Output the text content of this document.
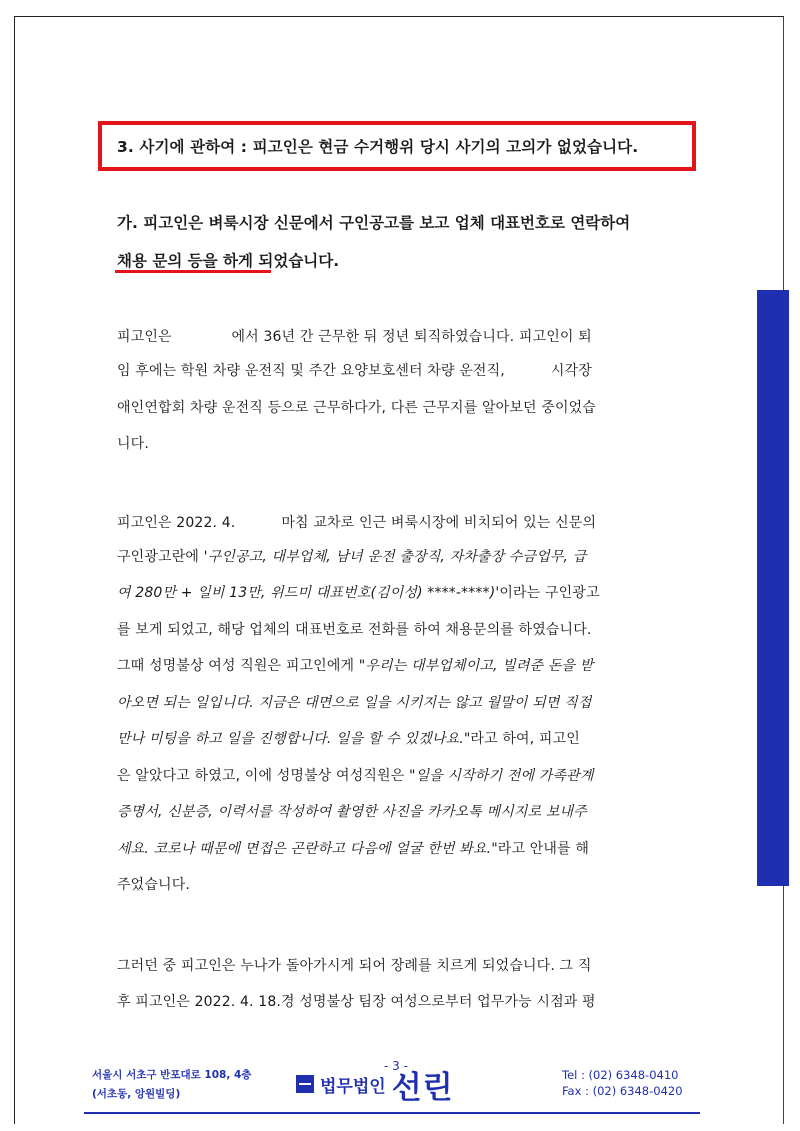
3. 사기에 관하여 : 피고인은 현금 수거행위 당시 사기의 고의가 없었습니다.
가. 피고인은 벼룩시장 신문에서 구인공고를 보고 업체 대표번호로 연락하여
채용 문의 등을 하게 되었습니다.
피고인은             에서 36년 간 근무한 뒤 정년 퇴직하였습니다. 피고인이 퇴
임 후에는 학원 차량 운전직 및 주간 요양보호센터 차량 운전직,          시각장
애인연합회 차량 운전직 등으로 근무하다가, 다른 근무지를 알아보던 중이었습
니다.
피고인은 2022. 4.          마침 교차로 인근 벼룩시장에 비치되어 있는 신문의
구인광고란에 '구인공고, 대부업체, 남녀 운전 출장직, 자차출장 수금업무, 급
여 280만 + 일비 13만, 위드미 대표번호(김이성) ****-****)'이라는 구인광고
를 보게 되었고, 해당 업체의 대표번호로 전화를 하여 채용문의를 하였습니다.
그때 성명불상 여성 직원은 피고인에게 "우리는 대부업체이고, 빌려준 돈을 받
아오면 되는 일입니다. 지금은 대면으로 일을 시키지는 않고 월말이 되면 직접
만나 미팅을 하고 일을 진행합니다. 일을 할 수 있겠나요."라고 하여, 피고인
은 알았다고 하였고, 이에 성명불상 여성직원은 "일을 시작하기 전에 가족관계
증명서, 신분증, 이력서를 작성하여 촬영한 사진을 카카오톡 메시지로 보내주
세요. 코로나 때문에 면접은 곤란하고 다음에 얼굴 한번 봐요."라고 안내를 해
주었습니다.
그러던 중 피고인은 누나가 돌아가시게 되어 장례를 치르게 되었습니다. 그 직
후 피고인은 2022. 4. 18.경 성명불상 팀장 여성으로부터 업무가능 시점과 평
서울시 서초구 반포대로 108, 4층
(서초동, 앙원빌딩)
- 3 -
법무법인 선린	Tel : (02) 6348-0410
Fax : (02) 6348-0420
